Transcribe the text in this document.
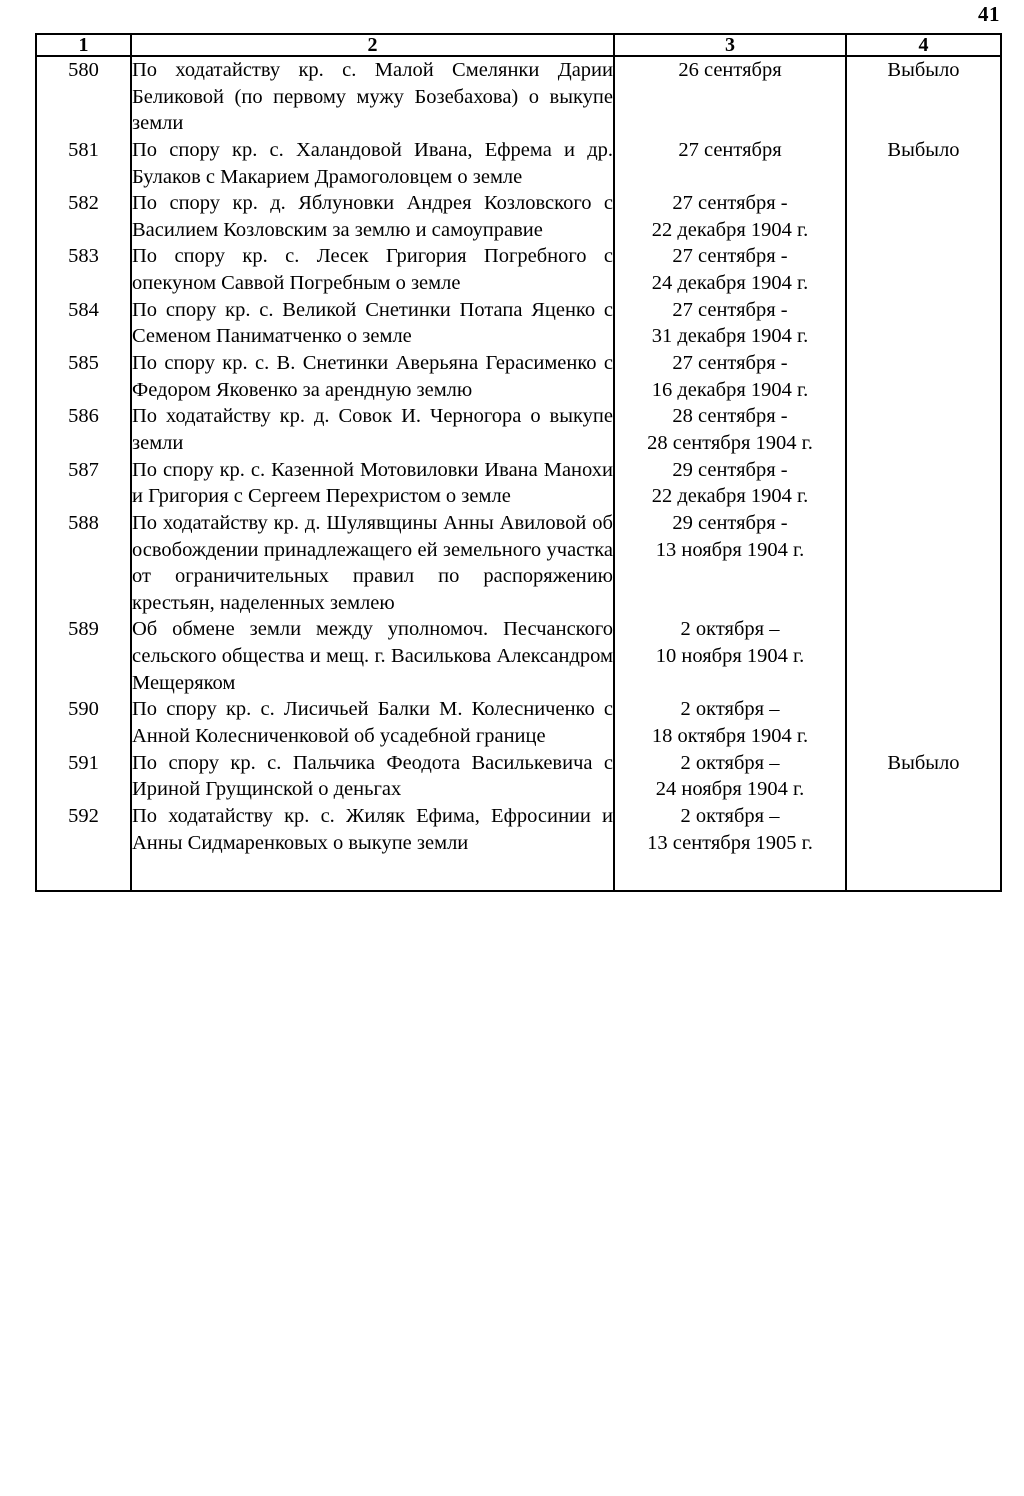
41
1	2	3	4
580	По ходатайству кр. с. Малой Смелянки Дарии Беликовой (по первому мужу Бозебахова) о выкупе земли	26 сентября	Выбыло
581	По спору кр. с. Халандовой Ивана, Ефрема и др. Булаков с Макарием Драмоголовцем о земле	27 сентября	Выбыло
582	По спору кр. д. Яблуновки Андрея Козловского с Василием Козловским за землю и самоуправие	27 сентября -
22 декабря 1904 г.	

583	По спору кр. с. Лесек Григория Погребного с опекуном Саввой Погребным о земле	27 сентября -
24 декабря 1904 г.	

584	По спору кр. с. Великой Снетинки Потапа Яценко с Семеном Паниматченко о земле	27 сентября -
31 декабря 1904 г.	

585	По спору кр. с. В. Снетинки Аверьяна Герасименко с Федором Яковенко за арендную землю	27 сентября -
16 декабря 1904 г.	

586	По ходатайству кр. д. Совок И. Черногора о выкупе земли	28 сентября -
28 сентября 1904 г.	

587	По спору кр. с. Казенной Мотовиловки Ивана Манохи и Григория с Сергеем Перехристом о земле	29 сентября -
22 декабря 1904 г.	

588	По ходатайству кр. д. Шулявщины Анны Авиловой об освобождении принадлежащего ей земельного участка от ограничительных правил по распоряжению крестьян, наделенных землею	29 сентября -
13 ноября 1904 г.	

589	Об обмене земли между уполномоч. Песчанского сельского общества и мещ. г. Василькова Александром Мещеряком	2 октября –
10 ноября 1904 г.	

590	По спору кр. с. Лисичьей Балки М. Колесниченко с Анной Колесниченковой об усадебной границе	2 октября –
18 октября 1904 г.	

591	По спору кр. с. Пальчика Феодота Василькевича с Ириной Грущинской о деньгах	2 октября –
24 ноября 1904 г.	Выбыло
592	По ходатайству кр. с. Жиляк Ефима, Ефросинии и Анны Сидмаренковых о выкупе земли	2 октября –
13 сентября 1905 г.	
